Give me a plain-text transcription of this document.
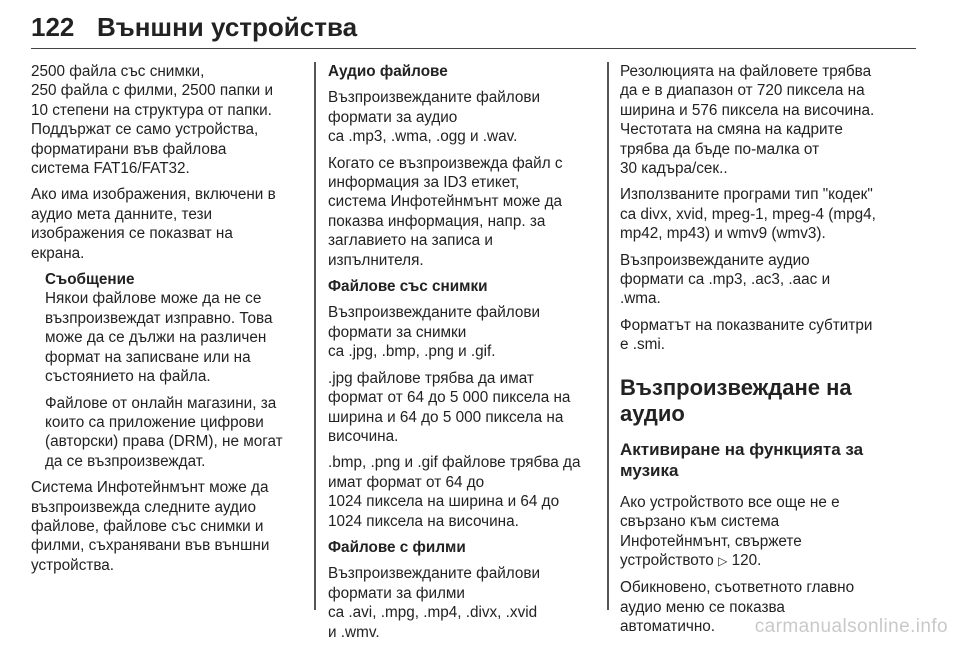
122 Външни устройства

2500 файла със снимки,
250 файла с филми, 2500 папки и
10 степени на структура от папки.
Поддържат се само устройства,
форматирани във файлова
система FAT16/FAT32.

Ако има изображения, включени в
аудио мета данните, тези
изображения се показват на
екрана.

Съобщение

Някои файлове може да не се
възпроизвеждат изправно. Това
може да се дължи на различен
формат на записване или на
състоянието на файла.

Файлове от онлайн магазини, за
които са приложение цифрови
(авторски) права (DRM), не могат
да се възпроизвеждат.

Система Инфотейнмънт може да
възпроизвежда следните аудио
файлове, файлове със снимки и
филми, съхранявани във външни
устройства.

Аудио файлове

Възпроизвежданите файлови
формати за аудио
са .mp3, .wma, .ogg и .wav.

Когато се възпроизвежда файл с
информация за ID3 етикет,
система Инфотейнмънт може да
показва информация, напр. за
заглавието на записа и
изпълнителя.

Файлове със снимки

Възпроизвежданите файлови
формати за снимки
са .jpg, .bmp, .png и .gif.

.jpg файлове трябва да имат
формат от 64 до 5 000 пиксела на
ширина и 64 до 5 000 пиксела на
височина.

.bmp, .png и .gif файлове трябва да
имат формат от 64 до
1024 пиксела на ширина и 64 до
1024 пиксела на височина.

Файлове с филми

Възпроизвежданите файлови
формати за филми
са .avi, .mpg, .mp4, .divx, .xvid
и .wmv.

Резолюцията на файловете трябва
да е в диапазон от 720 пиксела на
ширина и 576 пиксела на височина.
Честотата на смяна на кадрите
трябва да бъде по-малка от
30 кадъра/сек..

Използваните програми тип "кодек"
са divx, xvid, mpeg-1, mpeg-4 (mpg4,
mp42, mp43) и wmv9 (wmv3).

Възпроизвежданите аудио
формати са .mp3, .ac3, .aac и
.wma.

Форматът на показваните субтитри
е .smi.

Възпроизвеждане на
аудио
Активиране на функцията за
музика

Ако устройството все още не е
свързано към система
Инфотейнмънт, свържете
устройството ▷ 120.

Обикновено, съответното главно
аудио меню се показва
автоматично.	carmanualsonline.info
